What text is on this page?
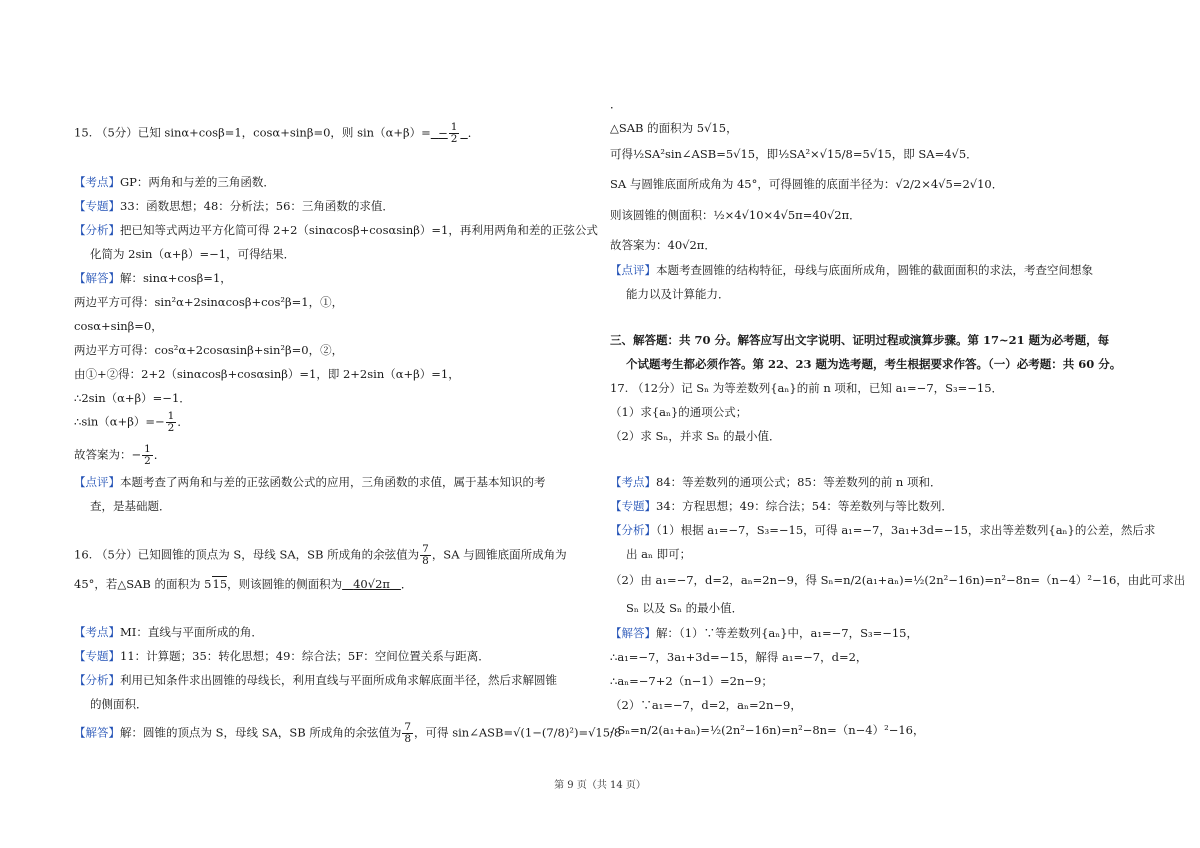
15. （5分）已知 sinα+cosβ=1，cosα+sinβ=0，则 $\sin(\alpha+\beta)= - \frac{1}{2}$ ．
【考点】GP：两角和与差的三角函数．
【专题】33：函数思想；48：分析法；56：三角函数的求值．
【分析】把已知等式两边平方化简可得 2+2（sinαcosβ+cosαsinβ）=1，再利用两角和差的正弦公式
化简为 2sin（α+β）=−1，可得结果．
【解答】解：sinα+cosβ=1，
两边平方可得：sin²α+2sinαcosβ+cos²β=1，①，
cosα+sinβ=0，
两边平方可得：cos²α+2cosαsinβ+sin²β=0，②，
由①+②得：2+2（sinαcosβ+cosαsinβ）=1，即 2+2sin（α+β）=1，
∴2sin（α+β）=−1．
∴sin（α+β）=− $\frac{1}{2}$ ．
故答案为：− $\frac{1}{2}$ ．
【点评】本题考查了两角和与差的正弦函数公式的应用，三角函数的求值，属于基本知识的考
查，是基础题．
16. （5分）已知圆锥的顶点为 S，母线 SA，SB 所成角的余弦值为 $\frac{7}{8}$ ，SA 与圆锥底面所成角为
45°，若△SAB 的面积为 515，则该圆锥的侧面积为 40√2π ．
【考点】MI：直线与平面所成的角．
【专题】11：计算题；35：转化思想；49：综合法；5F：空间位置关系与距离．
【分析】利用已知条件求出圆锥的母线长，利用直线与平面所成角求解底面半径，然后求解圆锥
的侧面积．
【解答】解：圆锥的顶点为 S，母线 SA，SB 所成角的余弦值为 $\frac{7}{8}$ ，可得 sin∠ASB=√(1−(7/8)²)=√15/8
．
△SAB 的面积为 5√15，
可得½SA²sin∠ASB=5√15，即½SA²×√15/8=5√15，即 SA=4√5．
SA 与圆锥底面所成角为 45°，可得圆锥的底面半径为：√2/2×4√5=2√10．
则该圆锥的侧面积：½×4√10×4√5π=40√2π．
故答案为：40√2π．
【点评】本题考查圆锥的结构特征，母线与底面所成角，圆锥的截面面积的求法，考查空间想象
能力以及计算能力．
三、解答题：共 70 分。解答应写出文字说明、证明过程或演算步骤。第 17~21 题为必考题，每
个试题考生都必须作答。第 22、23 题为选考题，考生根据要求作答。（一）必考题：共 60 分。
17. （12分）记 Sₙ 为等差数列{aₙ}的前 n 项和，已知 a₁=−7，S₃=−15．
（1）求{aₙ}的通项公式；
（2）求 Sₙ，并求 Sₙ 的最小值．
【考点】84：等差数列的通项公式；85：等差数列的前 n 项和．
【专题】34：方程思想；49：综合法；54：等差数列与等比数列．
【分析】（1）根据 a₁=−7，S₃=−15，可得 a₁=−7，3a₁+3d=−15，求出等差数列{aₙ}的公差，然后求
出 aₙ 即可；
（2）由 a₁=−7，d=2，aₙ=2n−9，得 Sₙ=n/2(a₁+aₙ)=½(2n²−16n)=n²−8n=（n−4）²−16，由此可求出
Sₙ 以及 Sₙ 的最小值．
【解答】解：（1）∵等差数列{aₙ}中，a₁=−7，S₃=−15，
∴a₁=−7，3a₁+3d=−15，解得 a₁=−7，d=2，
∴aₙ=−7+2（n−1）=2n−9；
（2）∵a₁=−7，d=2，aₙ=2n−9，
∴Sₙ=n/2(a₁+aₙ)=½(2n²−16n)=n²−8n=（n−4）²−16，
第 9 页（共 14 页）
